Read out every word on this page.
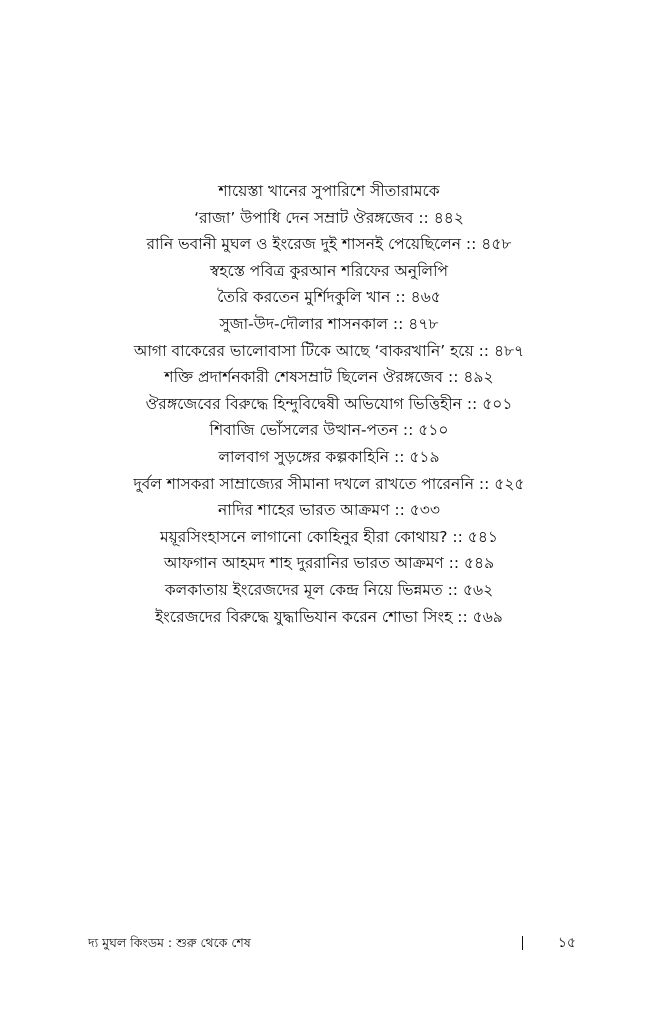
শায়েস্তা খানের সুপারিশে সীতারামকে
‘রাজা’ উপাধি দেন সম্রাট ঔরঙ্গজেব :: ৪৪২
রানি ভবানী মুঘল ও ইংরেজ দুই শাসনই পেয়েছিলেন :: ৪৫৮
স্বহস্তে পবিত্র কুরআন শরিফের অনুলিপি
তৈরি করতেন মুর্শিদকুলি খান :: ৪৬৫
সুজা-উদ-দৌলার শাসনকাল :: ৪৭৮
আগা বাকেরের ভালোবাসা টিকে আছে ‘বাকরখানি’ হয়ে :: ৪৮৭
শক্তি প্রদার্শনকারী শেষসম্রাট ছিলেন ঔরঙ্গজেব :: ৪৯২
ঔরঙ্গজেবের বিরুদ্ধে হিন্দুবিদ্বেষী অভিযোগ ভিত্তিহীন :: ৫০১
শিবাজি ভোঁসলের উত্থান-পতন :: ৫১০
লালবাগ সুড়ঙ্গের কল্পকাহিনি :: ৫১৯
দুর্বল শাসকরা সাম্রাজ্যের সীমানা দখলে রাখতে পারেননি :: ৫২৫
নাদির শাহের ভারত আক্রমণ :: ৫৩৩
ময়ূরসিংহাসনে লাগানো কোহিনুর হীরা কোথায়? :: ৫৪১
আফগান আহমদ শাহ দুররানির ভারত আক্রমণ :: ৫৪৯
কলকাতায় ইংরেজদের মূল কেন্দ্র নিয়ে ভিন্নমত :: ৫৬২
ইংরেজদের বিরুদ্ধে যুদ্ধাভিযান করেন শোভা সিংহ :: ৫৬৯
দ্য মুঘল কিংডম : শুরু থেকে শেষ	১৫
